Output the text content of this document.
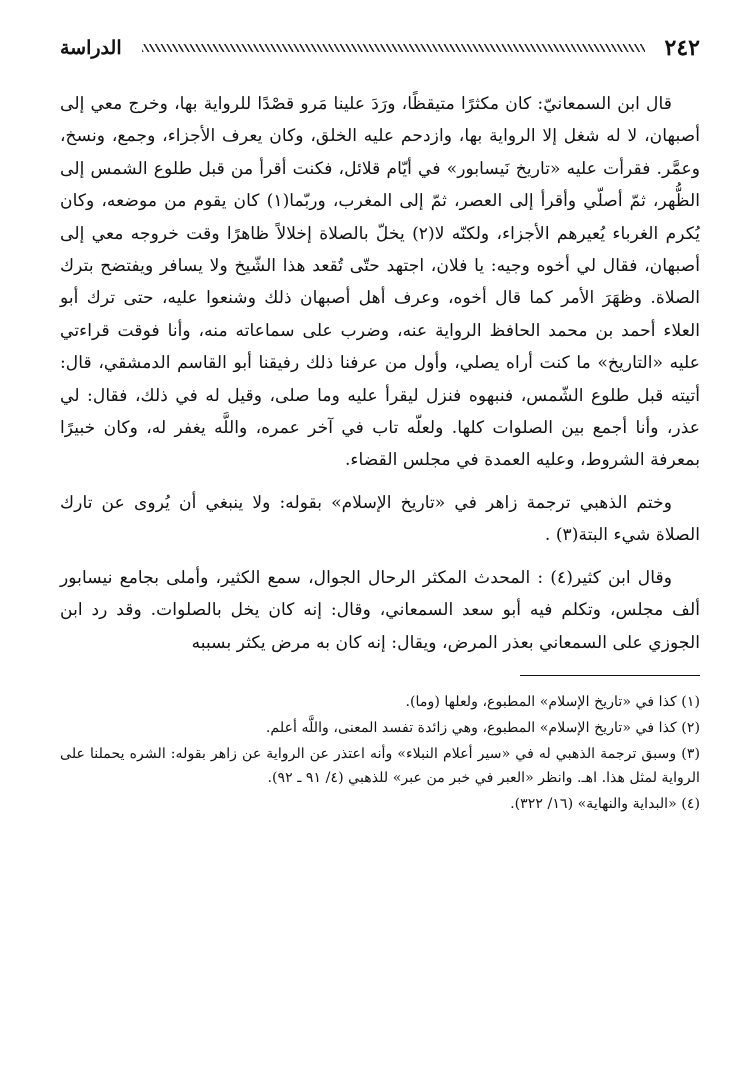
٢٤٢
الدراسة

قال ابن السمعانيّ: كان مكثرًا متيقظًا، ورَدَ علينا مَرو قصْدًا للرواية بها، وخرج معي إلى أصبهان، لا له شغل إلا الرواية بها، وازدحم عليه الخلق، وكان يعرف الأجزاء، وجمع، ونسخ، وعمَّر. فقرأت عليه «تاريخ نَيسابور» في أيّام قلائل، فكنت أقرأ من قبل طلوع الشمس إلى الظُّهر، ثمّ أصلّي وأقرأ إلى العصر، ثمّ إلى المغرب، وربّما(١) كان يقوم من موضعه، وكان يُكرم الغرباء يُعيرهم الأجزاء، ولكنّه لا(٢) يخلّ بالصلاة إخلالاً ظاهرًا وقت خروجه معي إلى أصبهان، فقال لي أخوه وجيه: يا فلان، اجتهد حتّى تُقعد هذا الشّيخ ولا يسافر ويفتضح بترك الصلاة. وظهَرَ الأمر كما قال أخوه، وعرف أهل أصبهان ذلك وشنعوا عليه، حتى ترك أبو العلاء أحمد بن محمد الحافظ الرواية عنه، وضرب على سماعاته منه، وأنا فوقت قراءتي عليه «التاريخ» ما كنت أراه يصلي، وأول من عرفنا ذلك رفيقنا أبو القاسم الدمشقي، قال: أتيته قبل طلوع الشّمس، فنبهوه فنزل ليقرأ عليه وما صلى، وقيل له في ذلك، فقال: لي عذر، وأنا أجمع بين الصلوات كلها. ولعلّه تاب في آخر عمره، واللَّه يغفر له، وكان خبيرًا بمعرفة الشروط، وعليه العمدة في مجلس القضاء.

وختم الذهبي ترجمة زاهر في «تاريخ الإسلام» بقوله: ولا ينبغي أن يُروى عن تارك الصلاة شيء البتة(٣) .

وقال ابن كثير(٤) : المحدث المكثر الرحال الجوال، سمع الكثير، وأملى بجامع نيسابور ألف مجلس، وتكلم فيه أبو سعد السمعاني، وقال: إنه كان يخل بالصلوات. وقد رد ابن الجوزي على السمعاني بعذر المرض، ويقال: إنه كان به مرض يكثر بسببه

(١) كذا في «تاريخ الإسلام» المطبوع، ولعلها (وما).

(٢) كذا في «تاريخ الإسلام» المطبوع، وهي زائدة تفسد المعنى، واللَّه أعلم.

(٣) وسبق ترجمة الذهبي له في «سير أعلام النبلاء» وأنه اعتذر عن الرواية عن زاهر بقوله: الشره يحملنا على الرواية لمثل هذا. اهـ. وانظر «العبر في خبر من عبر» للذهبي (٤/ ٩١ ـ ٩٢).

(٤) «البداية والنهاية» (١٦/ ٣٢٢).
